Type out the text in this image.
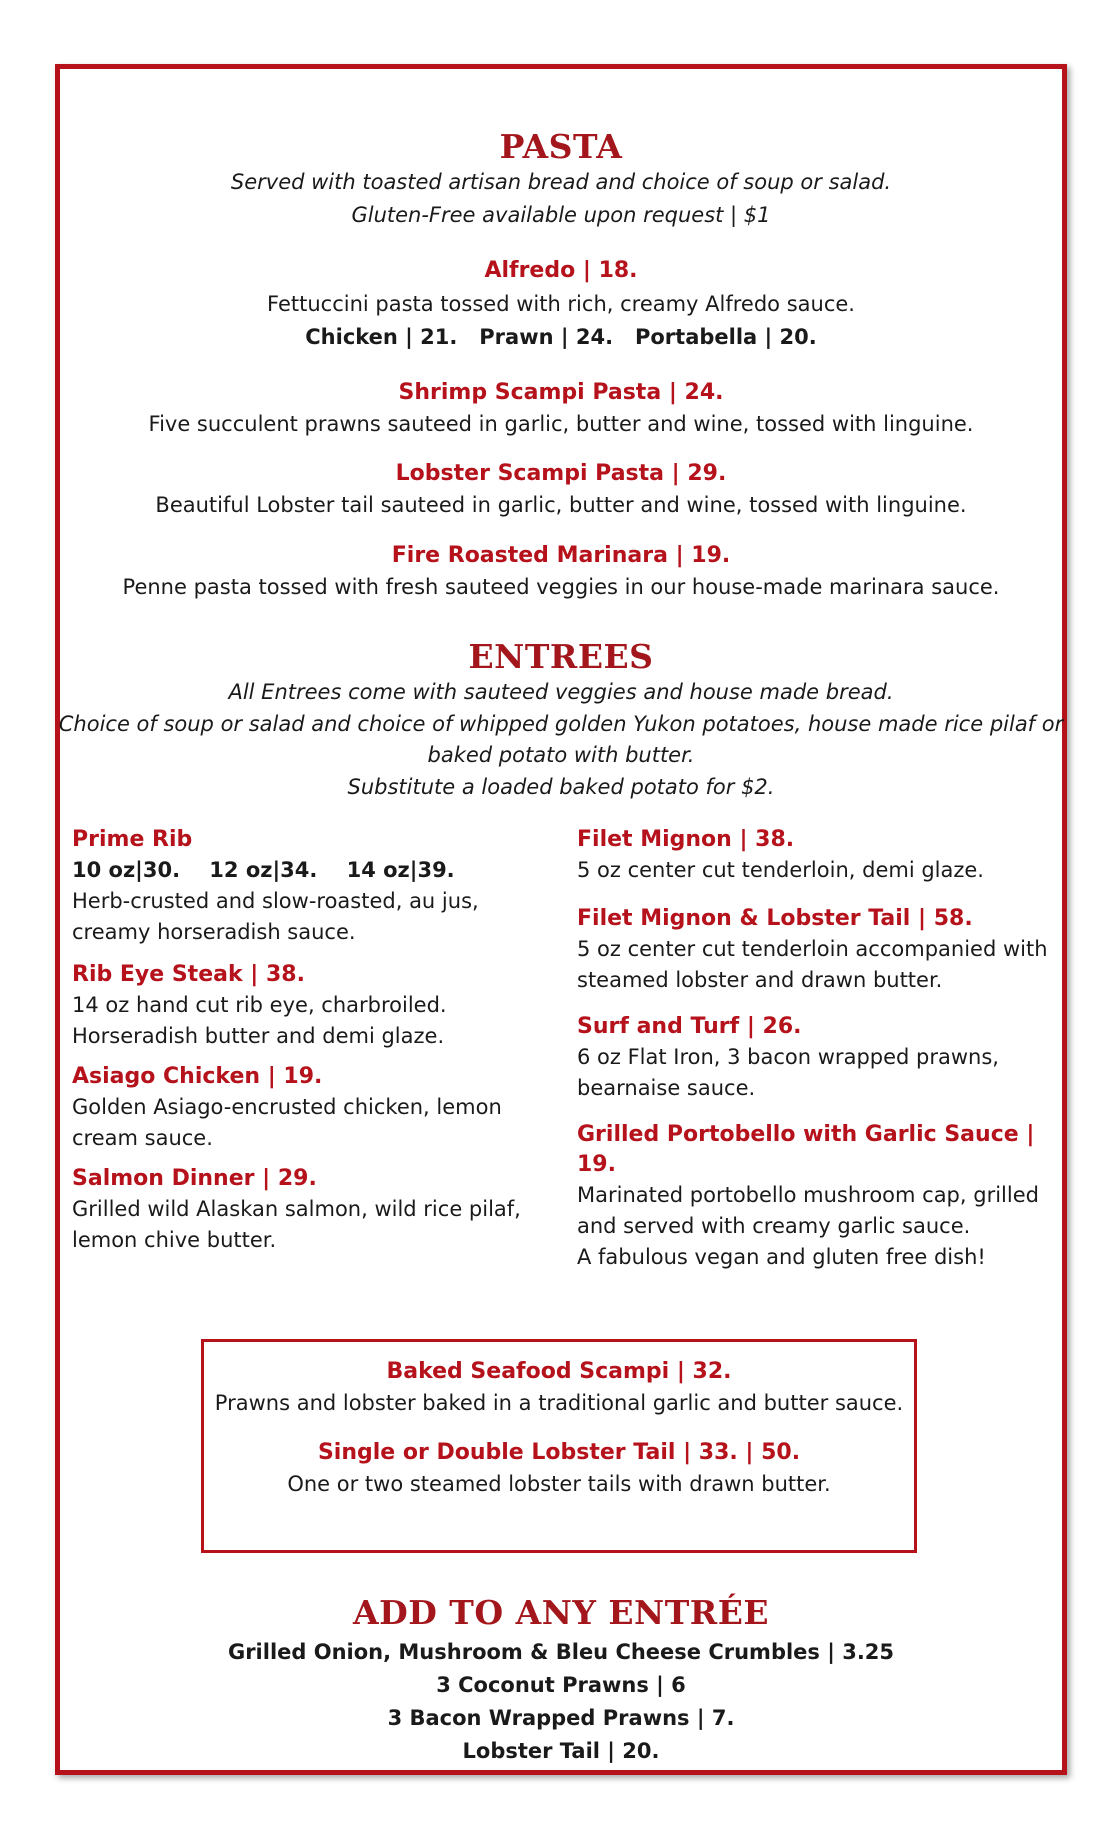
PASTA

Served with toasted artisan bread and choice of soup or salad.

Gluten-Free available upon request | $1

Alfredo | 18.

Fettuccini pasta tossed with rich, creamy Alfredo sauce.

Chicken | 21.   Prawn | 24.   Portabella | 20.

Shrimp Scampi Pasta | 24.

Five succulent prawns sauteed in garlic, butter and wine, tossed with linguine.

Lobster Scampi Pasta | 29.

Beautiful Lobster tail sauteed in garlic, butter and wine, tossed with linguine.

Fire Roasted Marinara | 19.

Penne pasta tossed with fresh sauteed veggies in our house-made marinara sauce.

ENTREES

All Entrees come with sauteed veggies and house made bread.

Choice of soup or salad and choice of whipped golden Yukon potatoes, house made rice pilaf or

baked potato with butter.

Substitute a loaded baked potato for $2.

Prime Rib

10 oz|30.    12 oz|34.    14 oz|39.

Herb-crusted and slow-roasted, au jus,

creamy horseradish sauce.

Rib Eye Steak | 38.

14 oz hand cut rib eye, charbroiled.

Horseradish butter and demi glaze.

Asiago Chicken | 19.

Golden Asiago-encrusted chicken, lemon

cream sauce.

Salmon Dinner | 29.

Grilled wild Alaskan salmon, wild rice pilaf,

lemon chive butter.

Filet Mignon | 38.

5 oz center cut tenderloin, demi glaze.

Filet Mignon & Lobster Tail | 58.

5 oz center cut tenderloin accompanied with

steamed lobster and drawn butter.

Surf and Turf | 26.

6 oz Flat Iron, 3 bacon wrapped prawns,

bearnaise sauce.

Grilled Portobello with Garlic Sauce | 19.

Marinated portobello mushroom cap, grilled

and served with creamy garlic sauce.

A fabulous vegan and gluten free dish!

Baked Seafood Scampi | 32.

Prawns and lobster baked in a traditional garlic and butter sauce.

Single or Double Lobster Tail | 33. | 50.

One or two steamed lobster tails with drawn butter.

ADD TO ANY ENTRÉE

Grilled Onion, Mushroom & Bleu Cheese Crumbles | 3.25

3 Coconut Prawns | 6

3 Bacon Wrapped Prawns | 7.

Lobster Tail | 20.
